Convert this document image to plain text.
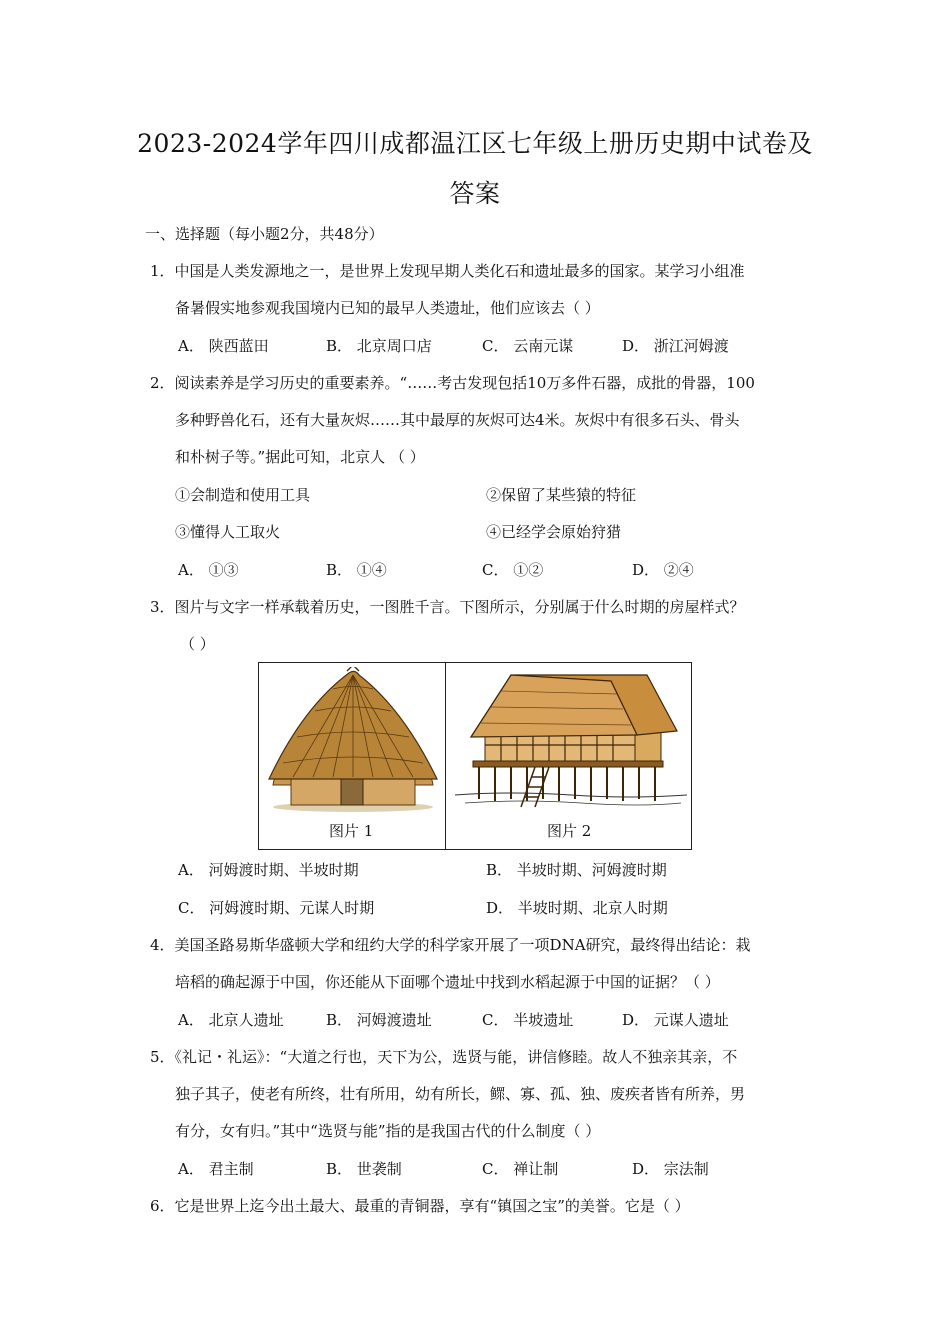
2023-2024学年四川成都温江区七年级上册历史期中试卷及
答案
一、选择题（每小题2分，共48分）
1．中国是人类发源地之一，是世界上发现早期人类化石和遗址最多的国家。某学习小组准
备暑假实地参观我国境内已知的最早人类遗址，他们应该去（ ）
A． 陕西蓝田	B． 北京周口店	C． 云南元谋	D． 浙江河姆渡
2．阅读素养是学习历史的重要素养。“……考古发现包括10万多件石器，成批的骨器，100
多种野兽化石，还有大量灰烬……其中最厚的灰烬可达4米。灰烬中有很多石头、骨头
和朴树子等。”据此可知，北京人 （ ）
①会制造和使用工具	②保留了某些猿的特征
③懂得人工取火	④已经学会原始狩猎
A． ①③	B． ①④	C． ①②	D． ②④
3．图片与文字一样承载着历史，一图胜千言。下图所示，分别属于什么时期的房屋样式？
（ ）
图片 1	图片 2
A． 河姆渡时期、半坡时期	B． 半坡时期、河姆渡时期
C． 河姆渡时期、元谋人时期	D． 半坡时期、北京人时期
4．美国圣路易斯华盛顿大学和纽约大学的科学家开展了一项DNA研究，最终得出结论：栽
培稻的确起源于中国，你还能从下面哪个遗址中找到水稻起源于中国的证据？（ ）
A． 北京人遗址	B． 河姆渡遗址	C． 半坡遗址	D． 元谋人遗址
5．《礼记・礼运》：“大道之行也，天下为公，选贤与能，讲信修睦。故人不独亲其亲，不
独子其子，使老有所终，壮有所用，幼有所长，鳏、寡、孤、独、废疾者皆有所养，男
有分，女有归。”其中“选贤与能”指的是我国古代的什么制度（ ）
A． 君主制	B． 世袭制	C． 禅让制	D． 宗法制
6．它是世界上迄今出土最大、最重的青铜器，享有“镇国之宝”的美誉。它是（ ）
